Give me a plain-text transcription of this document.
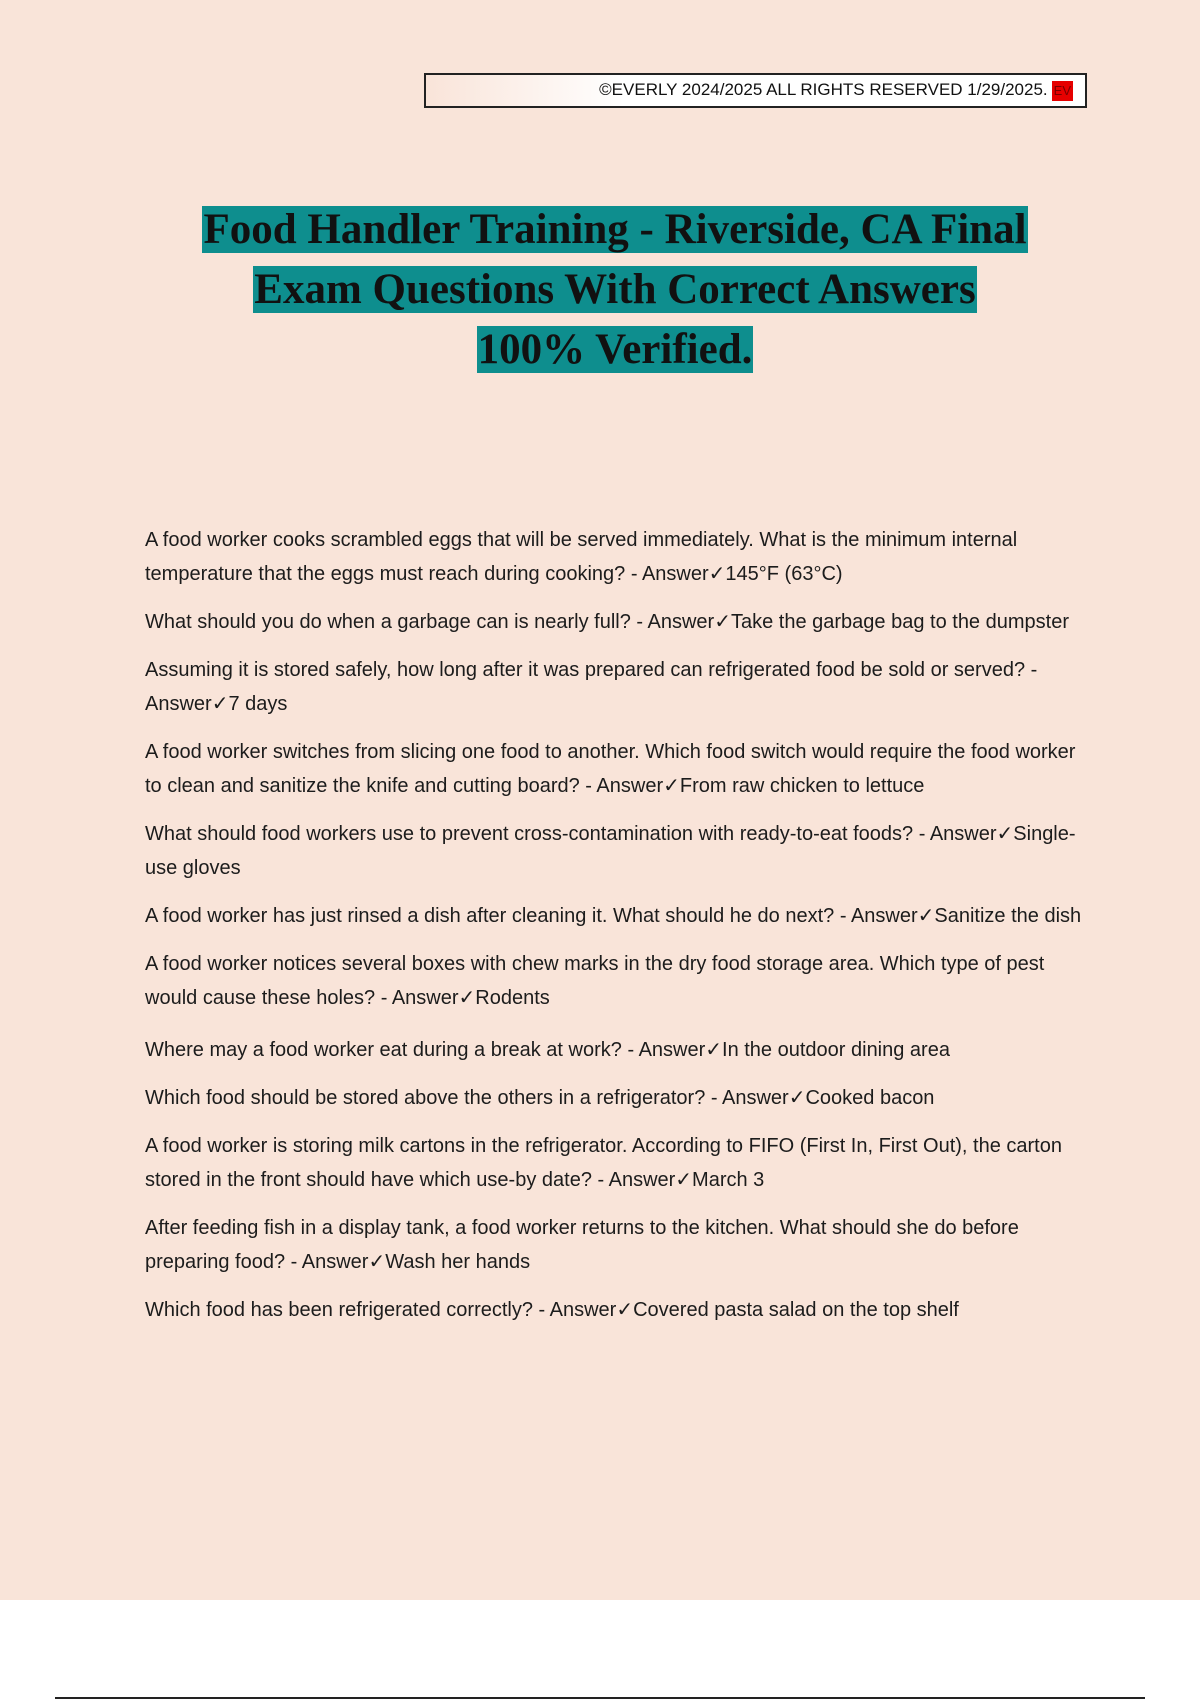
©EVERLY 2024/2025 ALL RIGHTS RESERVED 1/29/2025. EV
Food Handler Training - Riverside, CA Final
Exam Questions With Correct Answers
100% Verified.
A food worker cooks scrambled eggs that will be served immediately. What is the minimum internal temperature that the eggs must reach during cooking? - Answer✓145°F (63°C)
What should you do when a garbage can is nearly full? - Answer✓Take the garbage bag to the dumpster
Assuming it is stored safely, how long after it was prepared can refrigerated food be sold or served? - Answer✓7 days
A food worker switches from slicing one food to another. Which food switch would require the food worker to clean and sanitize the knife and cutting board? - Answer✓From raw chicken to lettuce
What should food workers use to prevent cross-contamination with ready-to-eat foods? - Answer✓Single-use gloves
A food worker has just rinsed a dish after cleaning it. What should he do next? - Answer✓Sanitize the dish
A food worker notices several boxes with chew marks in the dry food storage area. Which type of pest would cause these holes? - Answer✓Rodents
Where may a food worker eat during a break at work? - Answer✓In the outdoor dining area
Which food should be stored above the others in a refrigerator? - Answer✓Cooked bacon
A food worker is storing milk cartons in the refrigerator. According to FIFO (First In, First Out), the carton stored in the front should have which use-by date? - Answer✓March 3
After feeding fish in a display tank, a food worker returns to the kitchen. What should she do before preparing food? - Answer✓Wash her hands
Which food has been refrigerated correctly? - Answer✓Covered pasta salad on the top shelf
